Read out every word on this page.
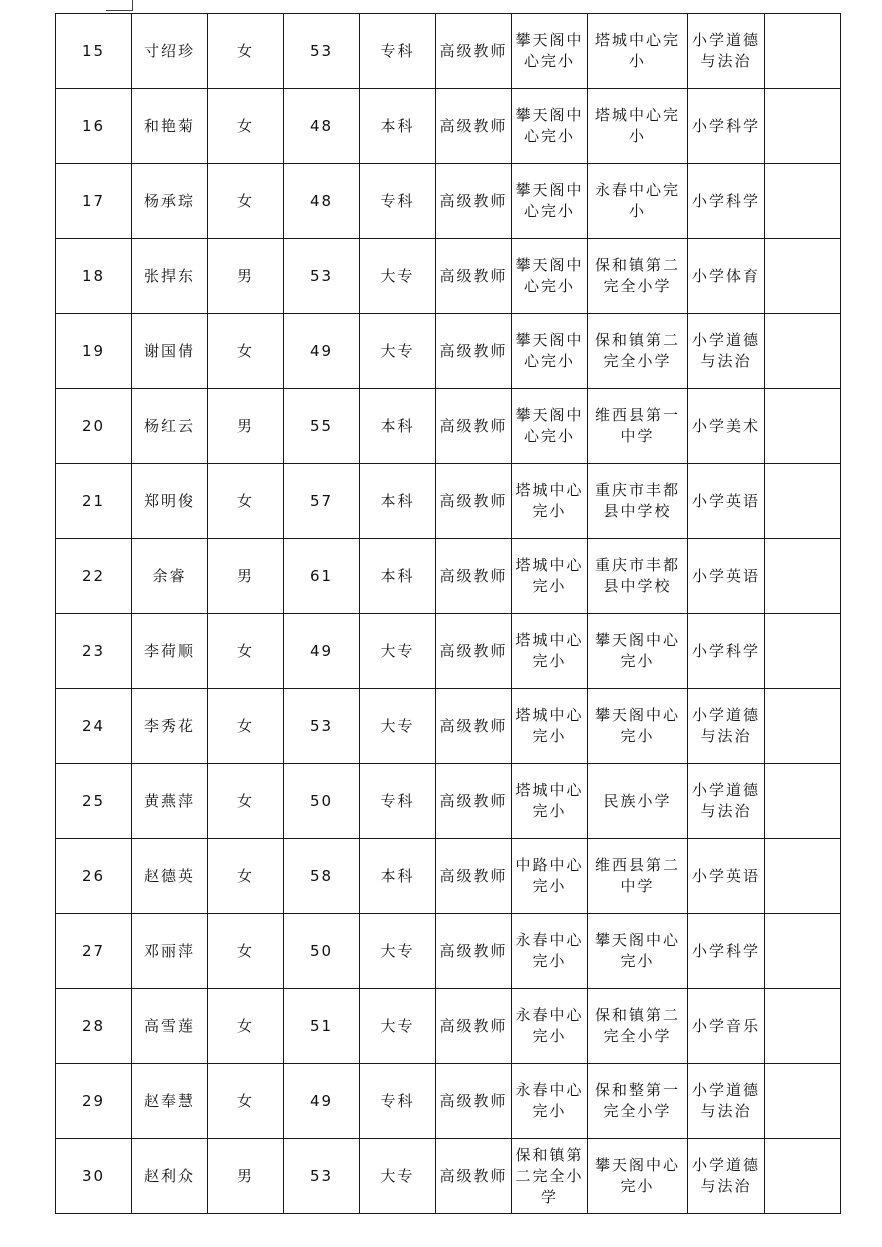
15	寸绍珍	女	53	专科	高级教师	攀天阁中心完小	塔城中心完小	小学道德与法治	

16	和艳菊	女	48	本科	高级教师	攀天阁中心完小	塔城中心完小	小学科学	

17	杨承琮	女	48	专科	高级教师	攀天阁中心完小	永春中心完小	小学科学	

18	张捍东	男	53	大专	高级教师	攀天阁中心完小	保和镇第二完全小学	小学体育	

19	谢国倩	女	49	大专	高级教师	攀天阁中心完小	保和镇第二完全小学	小学道德与法治	

20	杨红云	男	55	本科	高级教师	攀天阁中心完小	维西县第一中学	小学美术	

21	郑明俊	女	57	本科	高级教师	塔城中心完小	重庆市丰都县中学校	小学英语	

22	余睿	男	61	本科	高级教师	塔城中心完小	重庆市丰都县中学校	小学英语	

23	李荷顺	女	49	大专	高级教师	塔城中心完小	攀天阁中心完小	小学科学	

24	李秀花	女	53	大专	高级教师	塔城中心完小	攀天阁中心完小	小学道德与法治	

25	黄燕萍	女	50	专科	高级教师	塔城中心完小	民族小学	小学道德与法治	

26	赵德英	女	58	本科	高级教师	中路中心完小	维西县第二中学	小学英语	

27	邓丽萍	女	50	大专	高级教师	永春中心完小	攀天阁中心完小	小学科学	

28	高雪莲	女	51	大专	高级教师	永春中心完小	保和镇第二完全小学	小学音乐	

29	赵奉慧	女	49	专科	高级教师	永春中心完小	保和整第一完全小学	小学道德与法治	

30	赵利众	男	53	大专	高级教师	保和镇第二完全小学	攀天阁中心完小	小学道德与法治	
